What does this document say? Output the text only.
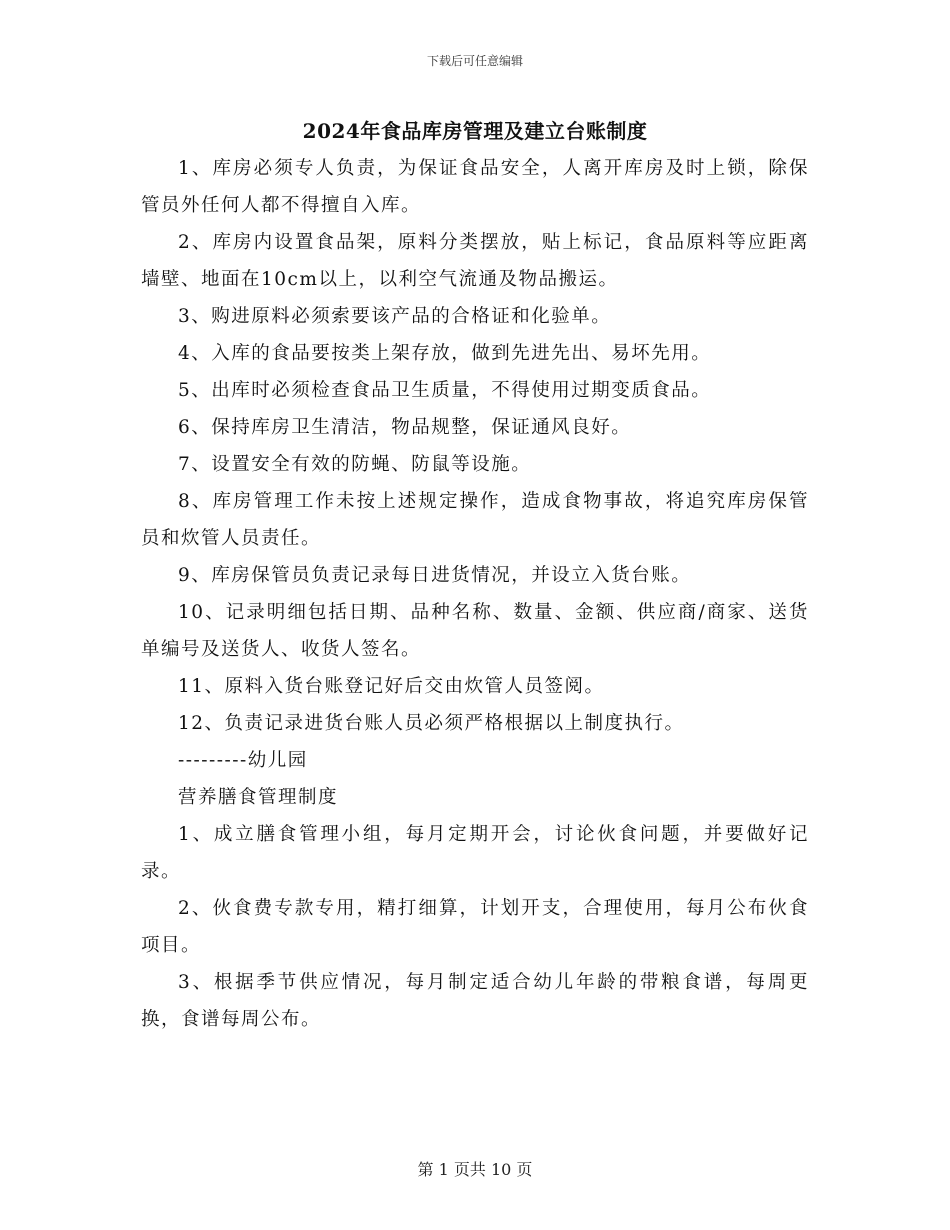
下载后可任意编辑
2024年食品库房管理及建立台账制度

1、库房必须专人负责，为保证食品安全，人离开库房及时上锁，除保管员外任何人都不得擅自入库。

2、库房内设置食品架，原料分类摆放，贴上标记，食品原料等应距离墙壁、地面在10cm以上，以利空气流通及物品搬运。

3、购进原料必须索要该产品的合格证和化验单。

4、入库的食品要按类上架存放，做到先进先出、易坏先用。

5、出库时必须检查食品卫生质量，不得使用过期变质食品。

6、保持库房卫生清洁，物品规整，保证通风良好。

7、设置安全有效的防蝇、防鼠等设施。

8、库房管理工作未按上述规定操作，造成食物事故，将追究库房保管员和炊管人员责任。

9、库房保管员负责记录每日进货情况，并设立入货台账。

10、记录明细包括日期、品种名称、数量、金额、供应商/商家、送货单编号及送货人、收货人签名。

11、原料入货台账登记好后交由炊管人员签阅。

12、负责记录进货台账人员必须严格根据以上制度执行。

---------幼儿园

营养膳食管理制度

1、成立膳食管理小组，每月定期开会，讨论伙食问题，并要做好记录。

2、伙食费专款专用，精打细算，计划开支，合理使用，每月公布伙食项目。

3、根据季节供应情况，每月制定适合幼儿年龄的带粮食谱，每周更换，食谱每周公布。

第 1 页共 10 页
